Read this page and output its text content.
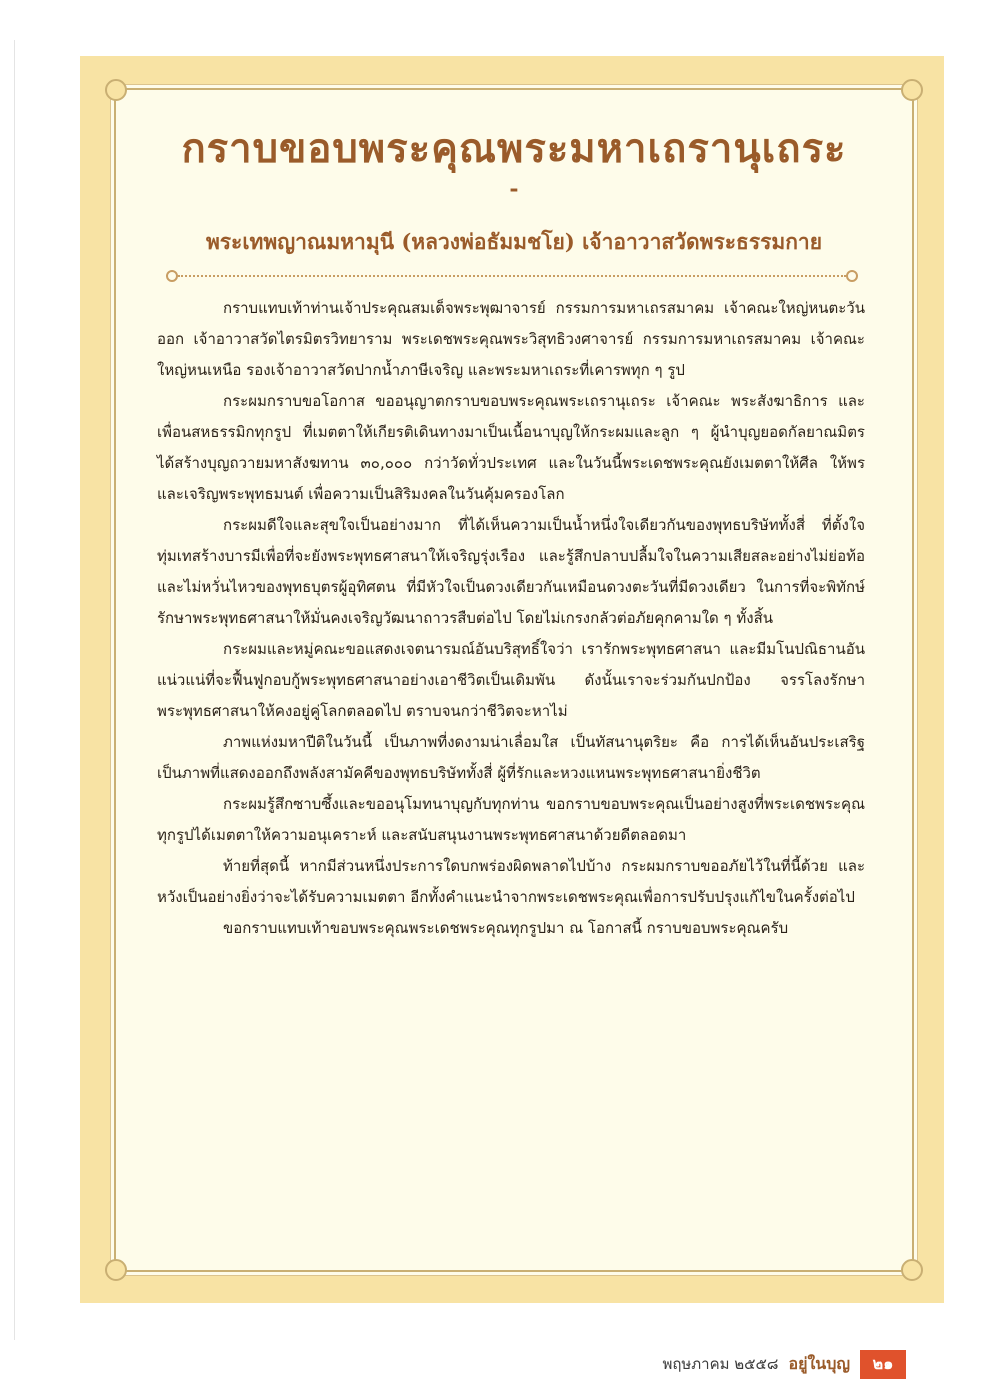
กราบขอบพระคุณพระมหาเถรานุเถระ
-
พระเทพญาณมหามุนี (หลวงพ่อธัมมชโย) เจ้าอาวาสวัดพระธรรมกาย

กราบแทบเท้าท่านเจ้าประคุณสมเด็จพระพุฒาจารย์ กรรมการมหาเถรสมาคม เจ้าคณะใหญ่หนตะวันออก เจ้าอาวาสวัดไตรมิตรวิทยาราม พระเดชพระคุณพระวิสุทธิวงศาจารย์ กรรมการมหาเถรสมาคม เจ้าคณะใหญ่หนเหนือ รองเจ้าอาวาสวัดปากน้ำภาษีเจริญ และพระมหาเถระที่เคารพทุก ๆ รูป

กระผมกราบขอโอกาส ขออนุญาตกราบขอบพระคุณพระเถรานุเถระ เจ้าคณะ พระสังฆาธิการ และเพื่อนสหธรรมิกทุกรูป ที่เมตตาให้เกียรติเดินทางมาเป็นเนื้อนาบุญให้กระผมและลูก ๆ ผู้นำบุญยอดกัลยาณมิตร ได้สร้างบุญถวายมหาสังฆทาน ๓๐,๐๐๐ กว่าวัดทั่วประเทศ และในวันนี้พระเดชพระคุณยังเมตตาให้ศีล ให้พร และเจริญพระพุทธมนต์ เพื่อความเป็นสิริมงคลในวันคุ้มครองโลก

กระผมดีใจและสุขใจเป็นอย่างมาก ที่ได้เห็นความเป็นน้ำหนึ่งใจเดียวกันของพุทธบริษัททั้งสี่ ที่ตั้งใจทุ่มเทสร้างบารมีเพื่อที่จะยังพระพุทธศาสนาให้เจริญรุ่งเรือง และรู้สึกปลาบปลื้มใจในความเสียสละอย่างไม่ย่อท้อและไม่หวั่นไหวของพุทธบุตรผู้อุทิศตน ที่มีหัวใจเป็นดวงเดียวกันเหมือนดวงตะวันที่มีดวงเดียว ในการที่จะพิทักษ์รักษาพระพุทธศาสนาให้มั่นคงเจริญวัฒนาถาวรสืบต่อไป โดยไม่เกรงกลัวต่อภัยคุกคามใด ๆ ทั้งสิ้น

กระผมและหมู่คณะขอแสดงเจตนารมณ์อันบริสุทธิ์ใจว่า เรารักพระพุทธศาสนา และมีมโนปณิธานอันแน่วแน่ที่จะฟื้นฟูกอบกู้พระพุทธศาสนาอย่างเอาชีวิตเป็นเดิมพัน ดังนั้นเราจะร่วมกันปกป้อง จรรโลงรักษาพระพุทธศาสนาให้คงอยู่คู่โลกตลอดไป ตราบจนกว่าชีวิตจะหาไม่

ภาพแห่งมหาปีติในวันนี้ เป็นภาพที่งดงามน่าเลื่อมใส เป็นทัสนานุตริยะ คือ การได้เห็นอันประเสริฐ เป็นภาพที่แสดงออกถึงพลังสามัคคีของพุทธบริษัททั้งสี่ ผู้ที่รักและหวงแหนพระพุทธศาสนายิ่งชีวิต

กระผมรู้สึกซาบซึ้งและขออนุโมทนาบุญกับทุกท่าน ขอกราบขอบพระคุณเป็นอย่างสูงที่พระเดชพระคุณทุกรูปได้เมตตาให้ความอนุเคราะห์ และสนับสนุนงานพระพุทธศาสนาด้วยดีตลอดมา

ท้ายที่สุดนี้ หากมีส่วนหนึ่งประการใดบกพร่องผิดพลาดไปบ้าง กระผมกราบขออภัยไว้ในที่นี้ด้วย และหวังเป็นอย่างยิ่งว่าจะได้รับความเมตตา อีกทั้งคำแนะนำจากพระเดชพระคุณเพื่อการปรับปรุงแก้ไขในครั้งต่อไป

ขอกราบแทบเท้าขอบพระคุณพระเดชพระคุณทุกรูปมา ณ โอกาสนี้ กราบขอบพระคุณครับ

พฤษภาคม ๒๕๕๘ อยู่ในบุญ	๒๑
